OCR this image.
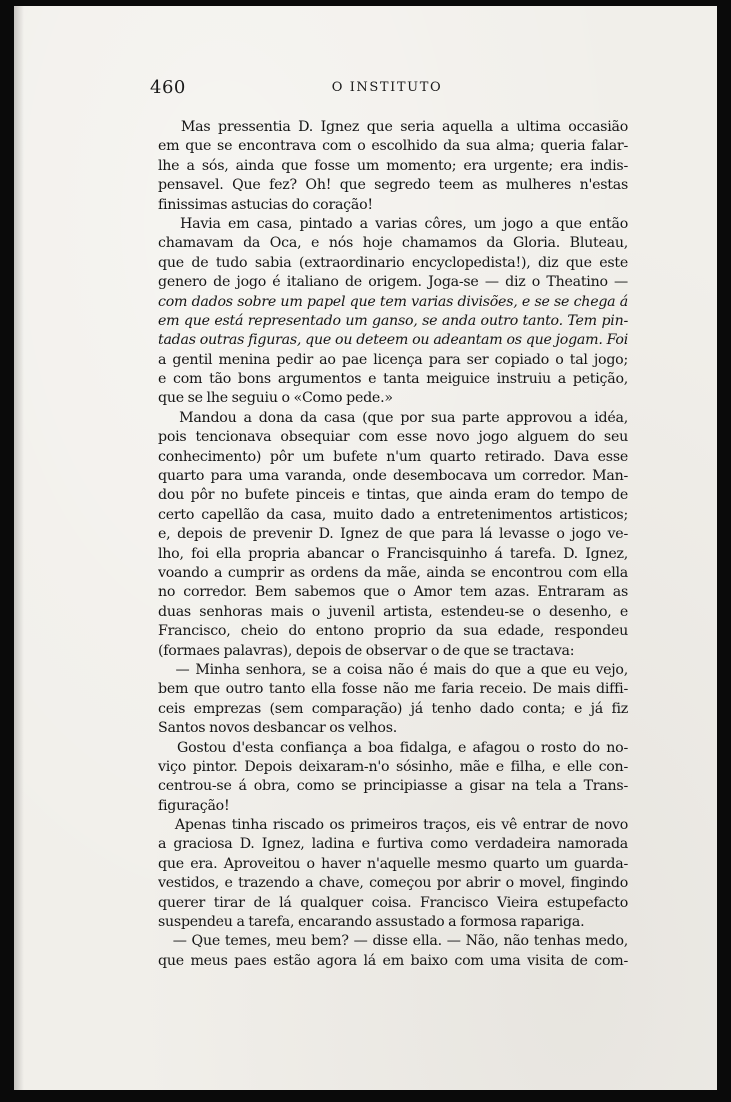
460	O INSTITUTO
Mas pressentia D. Ignez que seria aquella a ultima occasião
em que se encontrava com o escolhido da sua alma; queria falar-
lhe a sós, ainda que fosse um momento; era urgente; era indis-
pensavel. Que fez? Oh! que segredo teem as mulheres n'estas
finissimas astucias do coração!
Havia em casa, pintado a varias côres, um jogo a que então
chamavam da Oca, e nós hoje chamamos da Gloria. Bluteau,
que de tudo sabia (extraordinario encyclopedista!), diz que este
genero de jogo é italiano de origem. Joga-se — diz o Theatino —
com dados sobre um papel que tem varias divisões, e se se chega á
em que está representado um ganso, se anda outro tanto. Tem pin-
tadas outras figuras, que ou deteem ou adeantam os que jogam. Foi
a gentil menina pedir ao pae licença para ser copiado o tal jogo;
e com tão bons argumentos e tanta meiguice instruiu a petição,
que se lhe seguiu o «Como pede.»
Mandou a dona da casa (que por sua parte approvou a idéa,
pois tencionava obsequiar com esse novo jogo alguem do seu
conhecimento) pôr um bufete n'um quarto retirado. Dava esse
quarto para uma varanda, onde desembocava um corredor. Man-
dou pôr no bufete pinceis e tintas, que ainda eram do tempo de
certo capellão da casa, muito dado a entretenimentos artisticos;
e, depois de prevenir D. Ignez de que para lá levasse o jogo ve-
lho, foi ella propria abancar o Francisquinho á tarefa. D. Ignez,
voando a cumprir as ordens da mãe, ainda se encontrou com ella
no corredor. Bem sabemos que o Amor tem azas. Entraram as
duas senhoras mais o juvenil artista, estendeu-se o desenho, e
Francisco, cheio do entono proprio da sua edade, respondeu
(formaes palavras), depois de observar o de que se tractava:
— Minha senhora, se a coisa não é mais do que a que eu vejo,
bem que outro tanto ella fosse não me faria receio. De mais diffi-
ceis emprezas (sem comparação) já tenho dado conta; e já fiz
Santos novos desbancar os velhos.
Gostou d'esta confiança a boa fidalga, e afagou o rosto do no-
viço pintor. Depois deixaram-n'o sósinho, mãe e filha, e elle con-
centrou-se á obra, como se principiasse a gisar na tela a Trans-
figuração!
Apenas tinha riscado os primeiros traços, eis vê entrar de novo
a graciosa D. Ignez, ladina e furtiva como verdadeira namorada
que era. Aproveitou o haver n'aquelle mesmo quarto um guarda-
vestidos, e trazendo a chave, começou por abrir o movel, fingindo
querer tirar de lá qualquer coisa. Francisco Vieira estupefacto
suspendeu a tarefa, encarando assustado a formosa rapariga.
— Que temes, meu bem? — disse ella. — Não, não tenhas medo,
que meus paes estão agora lá em baixo com uma visita de com-
